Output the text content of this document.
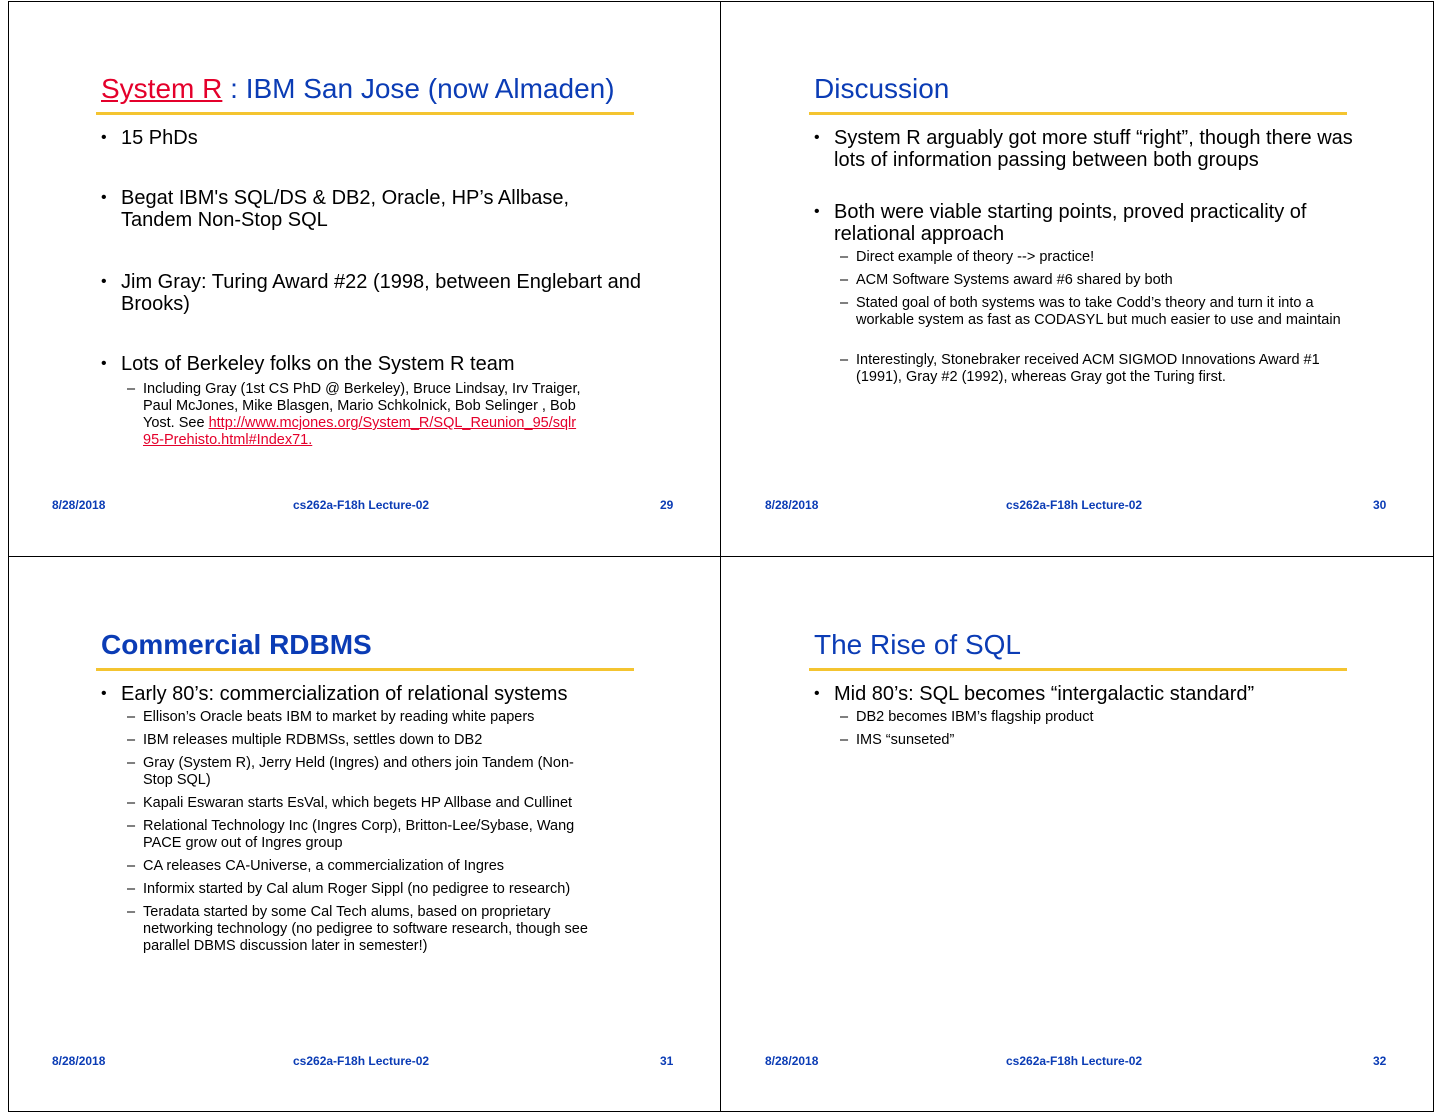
System R : IBM San Jose (now Almaden)
• 15 PhDs
• Begat IBM's SQL/DS & DB2, Oracle, HP’s Allbase, Tandem Non-Stop SQL
• Jim Gray: Turing Award #22 (1998, between Englebart and Brooks)
• Lots of Berkeley folks on the System R team
– Including Gray (1st CS PhD @ Berkeley), Bruce Lindsay, Irv Traiger, Paul McJones, Mike Blasgen, Mario Schkolnick, Bob Selinger , Bob Yost. See http://www.mcjones.org/System_R/SQL_Reunion_95/sqlr95-Prehisto.html#Index71.
8/28/2018	cs262a-F18h Lecture-02	29
Discussion
• System R arguably got more stuff “right”, though there was lots of information passing between both groups
• Both were viable starting points, proved practicality of relational approach
– Direct example of theory --> practice!
– ACM Software Systems award #6 shared by both
– Stated goal of both systems was to take Codd’s theory and turn it into a workable system as fast as CODASYL but much easier to use and maintain
– Interestingly, Stonebraker received ACM SIGMOD Innovations Award #1 (1991), Gray #2 (1992), whereas Gray got the Turing first.
8/28/2018	cs262a-F18h Lecture-02	30
Commercial RDBMS
• Early 80’s: commercialization of relational systems
– Ellison’s Oracle beats IBM to market by reading white papers
– IBM releases multiple RDBMSs, settles down to DB2
– Gray (System R), Jerry Held (Ingres) and others join Tandem (Non-Stop SQL)
– Kapali Eswaran starts EsVal, which begets HP Allbase and Cullinet
– Relational Technology Inc (Ingres Corp), Britton-Lee/Sybase, Wang PACE grow out of Ingres group
– CA releases CA-Universe, a commercialization of Ingres
– Informix started by Cal alum Roger Sippl (no pedigree to research)
– Teradata started by some Cal Tech alums, based on proprietary networking technology (no pedigree to software research, though see parallel DBMS discussion later in semester!)
8/28/2018	cs262a-F18h Lecture-02	31
The Rise of SQL
• Mid 80’s: SQL becomes “intergalactic standard”
– DB2 becomes IBM’s flagship product
– IMS “sunseted”
8/28/2018	cs262a-F18h Lecture-02	32
